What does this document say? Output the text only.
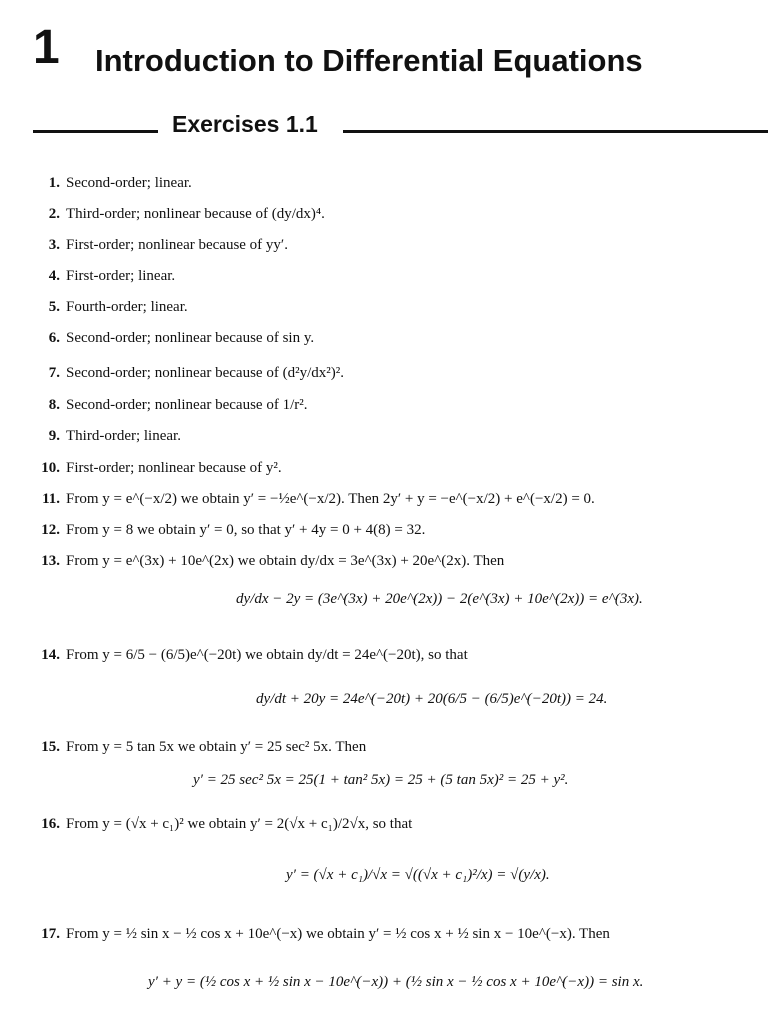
1 Introduction to Differential Equations
Exercises 1.1
1. Second-order; linear.
2. Third-order; nonlinear because of (dy/dx)⁴.
3. First-order; nonlinear because of yy′.
4. First-order; linear.
5. Fourth-order; linear.
6. Second-order; nonlinear because of sin y.
7. Second-order; nonlinear because of (d²y/dx²)².
8. Second-order; nonlinear because of 1/r².
9. Third-order; linear.
10. First-order; nonlinear because of y².
11. From y = e^(−x/2) we obtain y′ = −½e^(−x/2). Then 2y′ + y = −e^(−x/2) + e^(−x/2) = 0.
12. From y = 8 we obtain y′ = 0, so that y′ + 4y = 0 + 4(8) = 32.
13. From y = e^(3x) + 10e^(2x) we obtain dy/dx = 3e^(3x) + 20e^(2x). Then
dy/dx − 2y = (3e^(3x) + 20e^(2x)) − 2(e^(3x) + 10e^(2x)) = e^(3x).
14. From y = 6/5 − (6/5)e^(−20t) we obtain dy/dt = 24e^(−20t), so that
dy/dt + 20y = 24e^(−20t) + 20(6/5 − (6/5)e^(−20t)) = 24.
15. From y = 5 tan 5x we obtain y′ = 25 sec² 5x. Then
y′ = 25 sec² 5x = 25(1 + tan² 5x) = 25 + (5 tan 5x)² = 25 + y².
16. From y = (√x + c₁)² we obtain y′ = 2(√x + c₁)/2√x, so that
y′ = (√x + c₁)/√x = √((√x + c₁)²/x) = √(y/x).
17. From y = ½ sin x − ½ cos x + 10e^(−x) we obtain y′ = ½ cos x + ½ sin x − 10e^(−x). Then
y′ + y = (½ cos x + ½ sin x − 10e^(−x)) + (½ sin x − ½ cos x + 10e^(−x)) = sin x.
